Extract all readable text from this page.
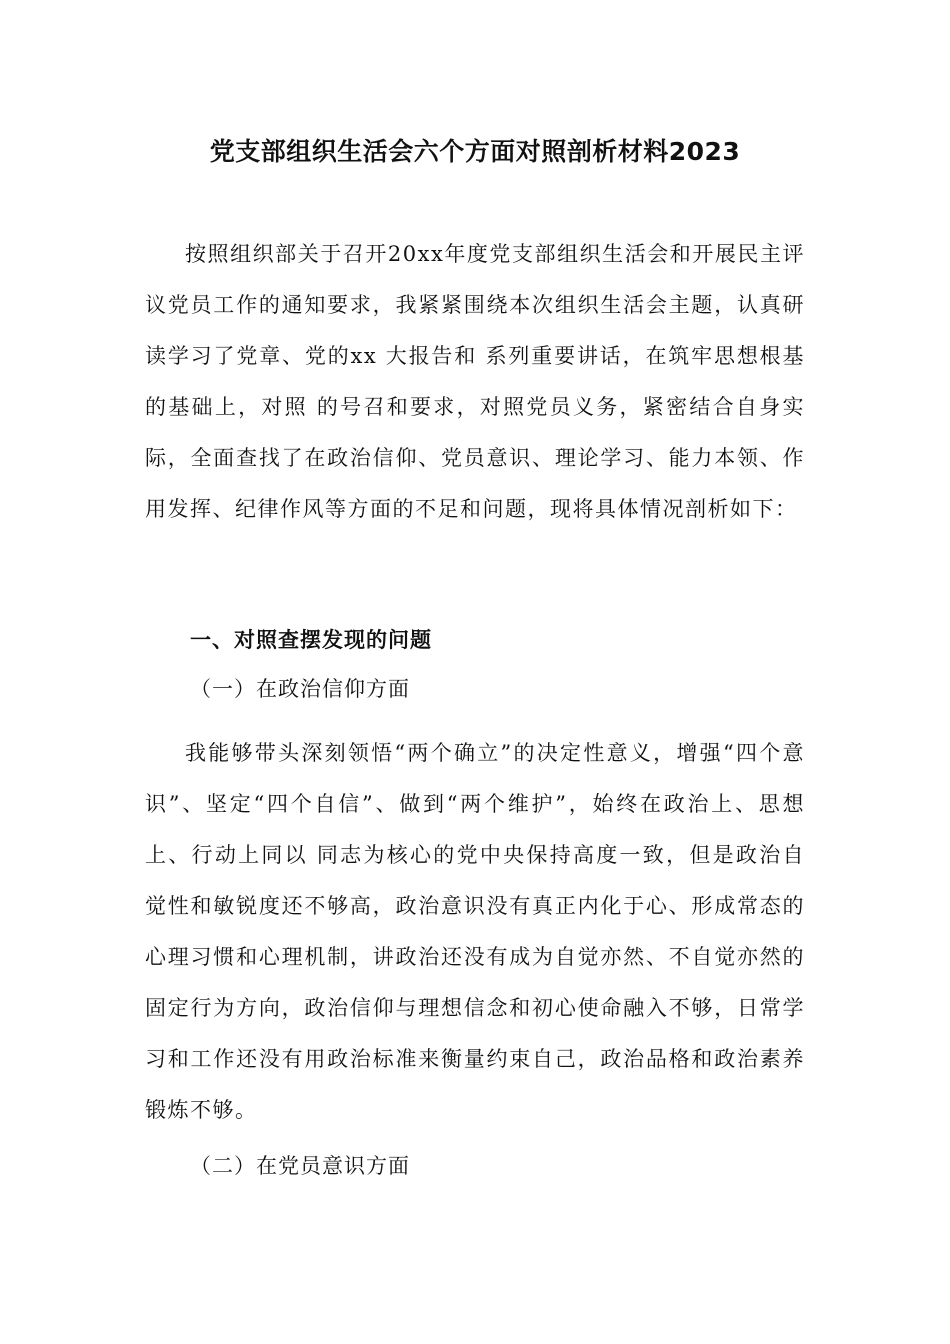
党支部组织生活会六个方面对照剖析材料2023

按照组织部关于召开20xx年度党支部组织生活会和开展民主评议党员工作的通知要求，我紧紧围绕本次组织生活会主题，认真研读学习了党章、党的xx 大报告和 系列重要讲话，在筑牢思想根基的基础上，对照 的号召和要求，对照党员义务，紧密结合自身实际，全面查找了在政治信仰、党员意识、理论学习、能力本领、作用发挥、纪律作风等方面的不足和问题，现将具体情况剖析如下：

一、对照查摆发现的问题
（一）在政治信仰方面

我能够带头深刻领悟“两个确立”的决定性意义，增强“四个意识”、坚定“四个自信”、做到“两个维护”，始终在政治上、思想上、行动上同以 同志为核心的党中央保持高度一致，但是政治自觉性和敏锐度还不够高，政治意识没有真正内化于心、形成常态的心理习惯和心理机制，讲政治还没有成为自觉亦然、不自觉亦然的固定行为方向，政治信仰与理想信念和初心使命融入不够，日常学习和工作还没有用政治标准来衡量约束自己，政治品格和政治素养锻炼不够。

（二）在党员意识方面
